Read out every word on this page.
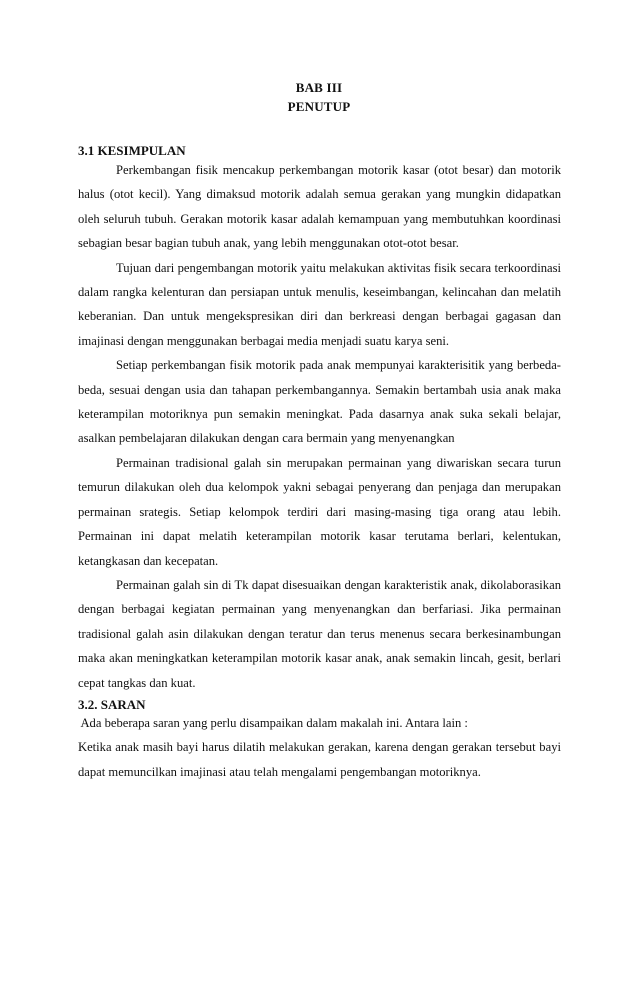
BAB III
PENUTUP
3.1 KESIMPULAN

Perkembangan fisik mencakup perkembangan motorik kasar (otot besar) dan motorik halus (otot kecil). Yang dimaksud motorik adalah semua gerakan yang mungkin didapatkan oleh seluruh tubuh. Gerakan motorik kasar adalah kemampuan yang membutuhkan koordinasi sebagian besar bagian tubuh anak, yang lebih menggunakan otot-otot besar.

Tujuan dari pengembangan motorik yaitu melakukan aktivitas fisik secara terkoordinasi dalam rangka kelenturan dan persiapan untuk menulis, keseimbangan, kelincahan dan melatih keberanian. Dan untuk mengekspresikan diri dan berkreasi dengan berbagai gagasan dan imajinasi dengan menggunakan berbagai media menjadi suatu karya seni.

Setiap perkembangan fisik motorik pada anak mempunyai karakterisitik yang berbeda-beda, sesuai dengan usia dan tahapan perkembangannya. Semakin bertambah usia anak maka keterampilan motoriknya pun semakin meningkat. Pada dasarnya anak suka sekali belajar, asalkan pembelajaran dilakukan dengan cara bermain yang menyenangkan

Permainan tradisional galah sin merupakan permainan yang diwariskan secara turun temurun dilakukan oleh dua kelompok yakni sebagai penyerang dan penjaga dan merupakan permainan srategis. Setiap kelompok terdiri dari masing-masing tiga orang atau lebih. Permainan ini dapat melatih keterampilan motorik kasar terutama berlari, kelentukan, ketangkasan dan kecepatan.

Permainan galah sin di Tk dapat disesuaikan dengan karakteristik anak, dikolaborasikan dengan berbagai kegiatan permainan yang menyenangkan dan berfariasi. Jika permainan tradisional galah asin dilakukan dengan teratur dan terus menenus secara berkesinambungan maka akan meningkatkan keterampilan motorik kasar anak, anak semakin lincah, gesit, berlari cepat tangkas dan kuat.

3.2. SARAN

Ada beberapa saran yang perlu disampaikan dalam makalah ini. Antara lain :

Ketika anak masih bayi harus dilatih melakukan gerakan, karena dengan gerakan tersebut bayi dapat memuncilkan imajinasi atau telah mengalami pengembangan motoriknya.
